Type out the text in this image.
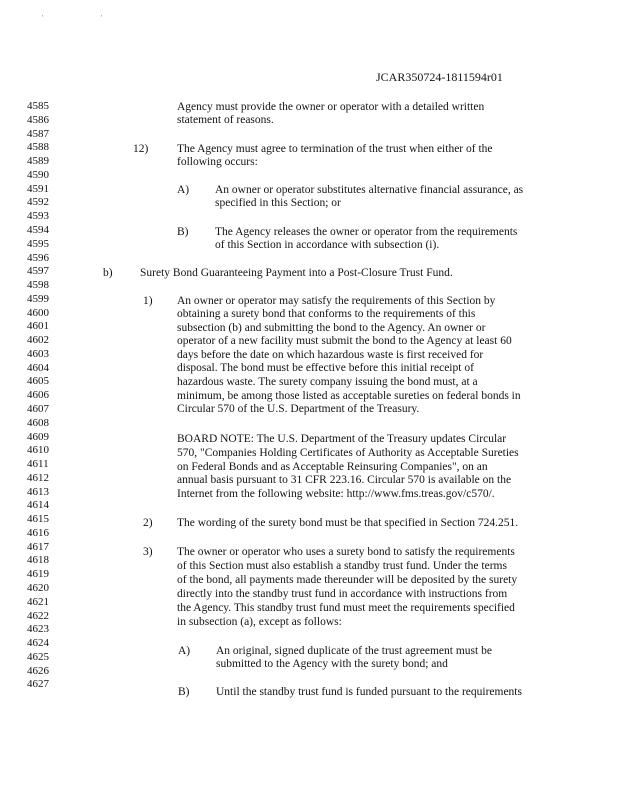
' '
JCAR350724-1811594r01
4585
4586
4587
4588
4589
4590
4591
4592
4593
4594
4595
4596
4597
4598
4599
4600
4601
4602
4603
4604
4605
4606
4607
4608
4609
4610
4611
4612
4613
4614
4615
4616
4617
4618
4619
4620
4621
4622
4623
4624
4625
4626
4627
12)
A)
B)
b)
1)
2)
3)
A)
B)
Agency must provide the owner or operator with a detailed written
statement of reasons.
The Agency must agree to termination of the trust when either of the
following occurs:
An owner or operator substitutes alternative financial assurance, as
specified in this Section; or
The Agency releases the owner or operator from the requirements
of this Section in accordance with subsection (i).
Surety Bond Guaranteeing Payment into a Post-Closure Trust Fund.
An owner or operator may satisfy the requirements of this Section by
obtaining a surety bond that conforms to the requirements of this
subsection (b) and submitting the bond to the Agency. An owner or
operator of a new facility must submit the bond to the Agency at least 60
days before the date on which hazardous waste is first received for
disposal. The bond must be effective before this initial receipt of
hazardous waste. The surety company issuing the bond must, at a
minimum, be among those listed as acceptable sureties on federal bonds in
Circular 570 of the U.S. Department of the Treasury.
BOARD NOTE: The U.S. Department of the Treasury updates Circular
570, "Companies Holding Certificates of Authority as Acceptable Sureties
on Federal Bonds and as Acceptable Reinsuring Companies", on an
annual basis pursuant to 31 CFR 223.16. Circular 570 is available on the
Internet from the following website: http://www.fms.treas.gov/c570/.
The wording of the surety bond must be that specified in Section 724.251.
The owner or operator who uses a surety bond to satisfy the requirements
of this Section must also establish a standby trust fund. Under the terms
of the bond, all payments made thereunder will be deposited by the surety
directly into the standby trust fund in accordance with instructions from
the Agency. This standby trust fund must meet the requirements specified
in subsection (a), except as follows:
An original, signed duplicate of the trust agreement must be
submitted to the Agency with the surety bond; and
Until the standby trust fund is funded pursuant to the requirements
